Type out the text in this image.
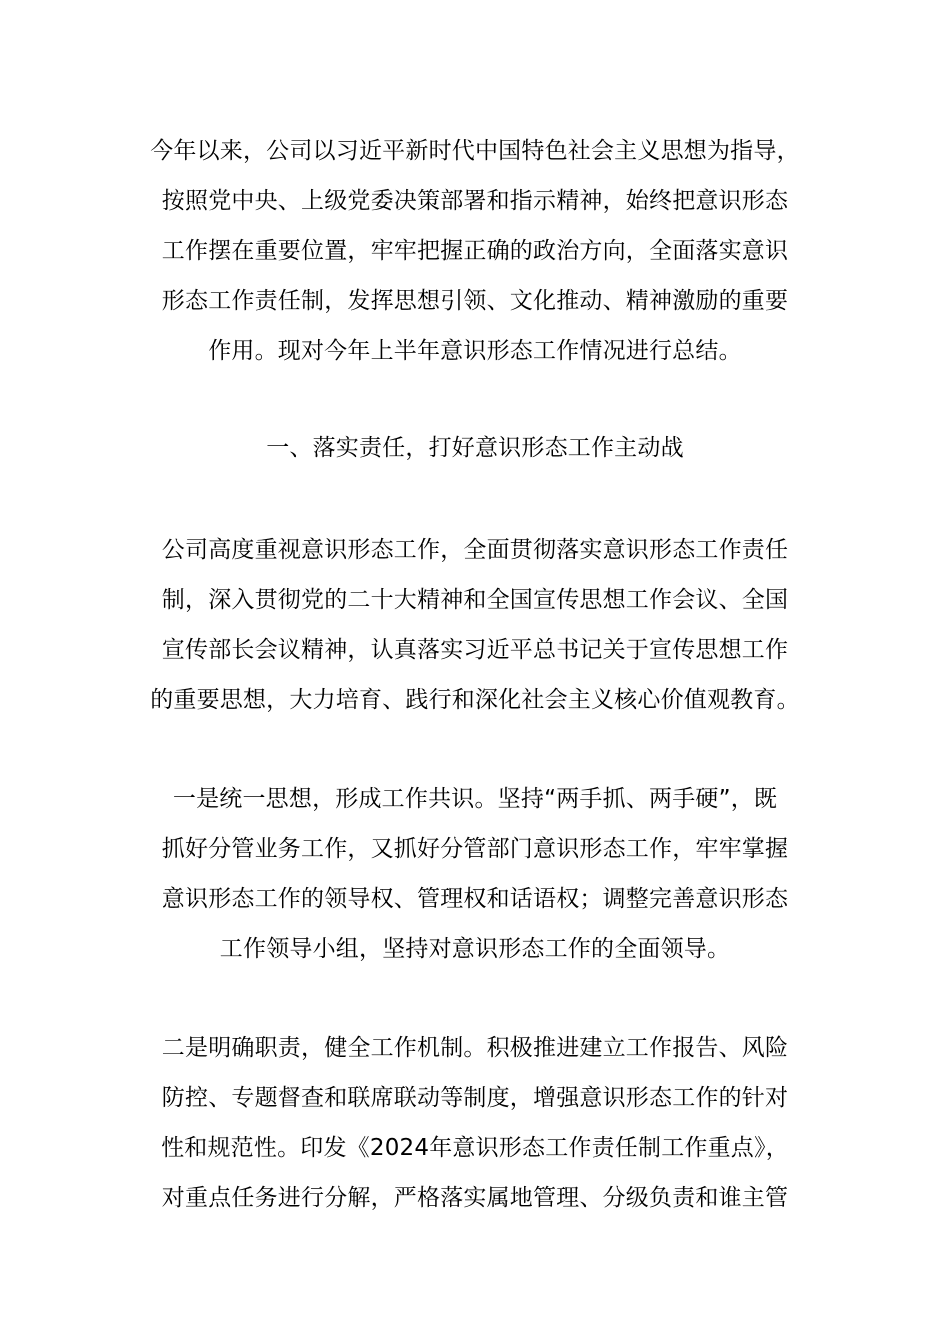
今年以来，公司以习近平新时代中国特色社会主义思想为指导，
按照党中央、上级党委决策部署和指示精神，始终把意识形态
工作摆在重要位置，牢牢把握正确的政治方向，全面落实意识
形态工作责任制，发挥思想引领、文化推动、精神激励的重要
作用。现对今年上半年意识形态工作情况进行总结。
一、落实责任，打好意识形态工作主动战
公司高度重视意识形态工作，全面贯彻落实意识形态工作责任
制，深入贯彻党的二十大精神和全国宣传思想工作会议、全国
宣传部长会议精神，认真落实习近平总书记关于宣传思想工作
的重要思想，大力培育、践行和深化社会主义核心价值观教育。
一是统一思想，形成工作共识。坚持“两手抓、两手硬”，既
抓好分管业务工作，又抓好分管部门意识形态工作，牢牢掌握
意识形态工作的领导权、管理权和话语权；调整完善意识形态
工作领导小组，坚持对意识形态工作的全面领导。
二是明确职责，健全工作机制。积极推进建立工作报告、风险
防控、专题督查和联席联动等制度，增强意识形态工作的针对
性和规范性。印发《2024年意识形态工作责任制工作重点》，
对重点任务进行分解，严格落实属地管理、分级负责和谁主管
